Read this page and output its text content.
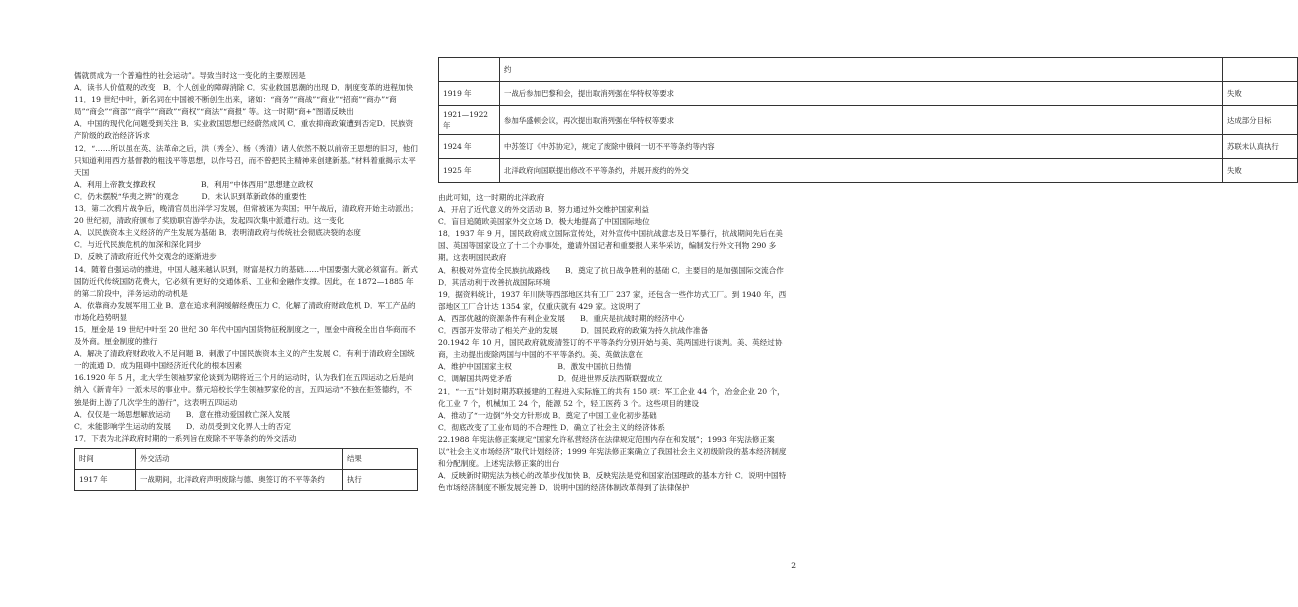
儒就贯成为一个普遍性的社会运动”。导致当时这一变化的主要原因是

A．读书人价值观的改变　B．个人创业的障碍消除 C．实业救国思潮的出现 D．制度变革的进程加快 11．19 世纪中叶，新名词在中国被不断创生出来，诸如：“商务”“商战”“商业”“招商”“商办”“商局”“商会”“商部”“商学”“商政”“商权”“商法”“商报” 等。这一时期“商+”图谱反映出

A．中国的现代化问题受到关注 B．实业救国思想已经蔚然成风 C．重农抑商政策遭到否定D．民族资产阶级的政治经济诉求

12．“……所以虽在英、法革命之后，洪（秀全）、杨（秀清）诸人依然不脱以前帝王思想的旧习，他们只知道利用西方基督教的粗浅平等思想，以作号召，而不曾把民主精神来创建新基。”材料着重揭示太平天国

A．利用上帝教支撑政权　　　　　　B．利用“中体西用”思想建立政权

C．仍未摆脱“华夷之辨”的观念　　　D．未认识到革新政体的重要性

13．第二次鸦片战争后，晚清官员出洋学习发展，但常被诬为卖国；甲午战后，清政府开始主动派出；20 世纪初，清政府颁布了奖励职官游学办法，发起四次集中派遣行动。这一变化

A．以民族资本主义经济的产生发展为基础 B．表明清政府与传统社会彻底决裂的态度

C．与近代民族危机的加深和深化同步

D．反映了清政府近代外交观念的逐渐进步

14．随着自强运动的推进，中国人越来越认识到，财富是权力的基础……中国要强大就必须富有。新式国防近代传统国防花费大，它必须有更好的交通体系、工业和金融作支撑。因此，在 1872—1885 年的第二阶段中，洋务运动的动机是

A．依靠商办发展军用工业 B．意在追求利润缓解经费压力 C．化解了清政府财政危机 D．军工产品的市场化趋势明显

15．厘金是 19 世纪中叶至 20 世纪 30 年代中国内国货物征税制度之一，厘金中商税全出自华商而不及外商。厘金制度的推行

A．解决了清政府财政收入不足问题 B．刺激了中国民族资本主义的产生发展 C．有利于清政府全国统一的流通 D．成为阻碍中国经济近代化的根本因素

16.1920 年 5 月，北大学生领袖罗家伦谈到为期将近三个月的运动时，认为我们在五四运动之后是向纳入《新青年》一派未尽的事业中。蔡元培校长学生领袖罗家伦的言，五四运动“不独在拒签德约，不独是街上游了几次学生的游行”，这表明五四运动

A．仅仅是一场思想解放运动　　B．意在推动爱国救亡深入发展

C．未能影响学生运动的发展　　D．动员受到文化界人士的否定

17．下表为北洋政府时期的一系列旨在废除不平等条约的外交活动

时间	外交活动	结果
1917 年	一战期间，北洋政府声明废除与德、奥签订的不平等条约	执行
	约	
1919 年	一战后参加巴黎和会，提出取消列强在华特权等要求	失败
1921—1922 年	参加华盛顿会议，再次提出取消列强在华特权等要求	达成部分目标
1924 年	中苏签订《中苏协定》，规定了废除中俄间一切不平等条约等内容	苏联未认真执行
1925 年	北洋政府向国联提出修改不平等条约，并展开废约的外交	失败

由此可知，这一时期的北洋政府

A．开启了近代意义的外交活动 B．努力通过外交维护国家利益

C．盲目追随欧美国家外交立场 D．极大地提高了中国国际地位

18．1937 年 9 月，国民政府成立国际宣传处，对外宣传中国抗战意志及日军暴行，抗战期间先后在美国、英国等国家设立了十二个办事处，邀请外国记者和重要报人来华采访，编制发行外文刊物 290 多期。这表明国民政府

A．积极对外宣传全民族抗战路线　　B．奠定了抗日战争胜利的基础 C．主要目的是加强国际交流合作　　D．其活动利于改善抗战国际环境

19．据资料统计，1937 年川陕等西部地区共有工厂 237 家，还包含一些作坊式工厂。到 1940 年，西部地区工厂合计达 1354 家，仅重庆就有 429 家。这说明了

A．西部优越的资源条件有利企业发展　　B．重庆是抗战时期的经济中心

C．西部开发带动了相关产业的发展　　　D．国民政府的政策为持久抗战作准备

20.1942 年 10 月，国民政府就废清签订的不平等条约分别开始与美、英两国进行谈判。美、英经过协商，主动提出废除两国与中国的不平等条约。美、英做法意在

A．维护中国国家主权　　　　　　B．激发中国抗日热情

C．调解国共两党矛盾　　　　　　D．促进世界反法西斯联盟成立

21．“一五”计划时期苏联援建的工程进入实际施工的共有 150 项：军工企业 44 个，冶金企业 20 个，化工业 7 个，机械加工 24 个，能源 52 个，轻工医药 3 个。这些项目的建设

A．推动了“一边倒”外交方针形成 B．奠定了中国工业化初步基础

C．彻底改变了工业布局的不合理性 D．确立了社会主义的经济体系

22.1988 年宪法修正案规定“国家允许私营经济在法律规定范围内存在和发展”；1993 年宪法修正案以“社会主义市场经济”取代计划经济；1999 年宪法修正案确立了我国社会主义初级阶段的基本经济制度和分配制度。上述宪法修正案的出台

A．反映新时期宪法为核心的改革步伐加快 B．反映宪法是党和国家治国理政的基本方针 C．说明中国特色市场经济制度不断发展完善 D．说明中国的经济体制改革得到了法律保护

2
